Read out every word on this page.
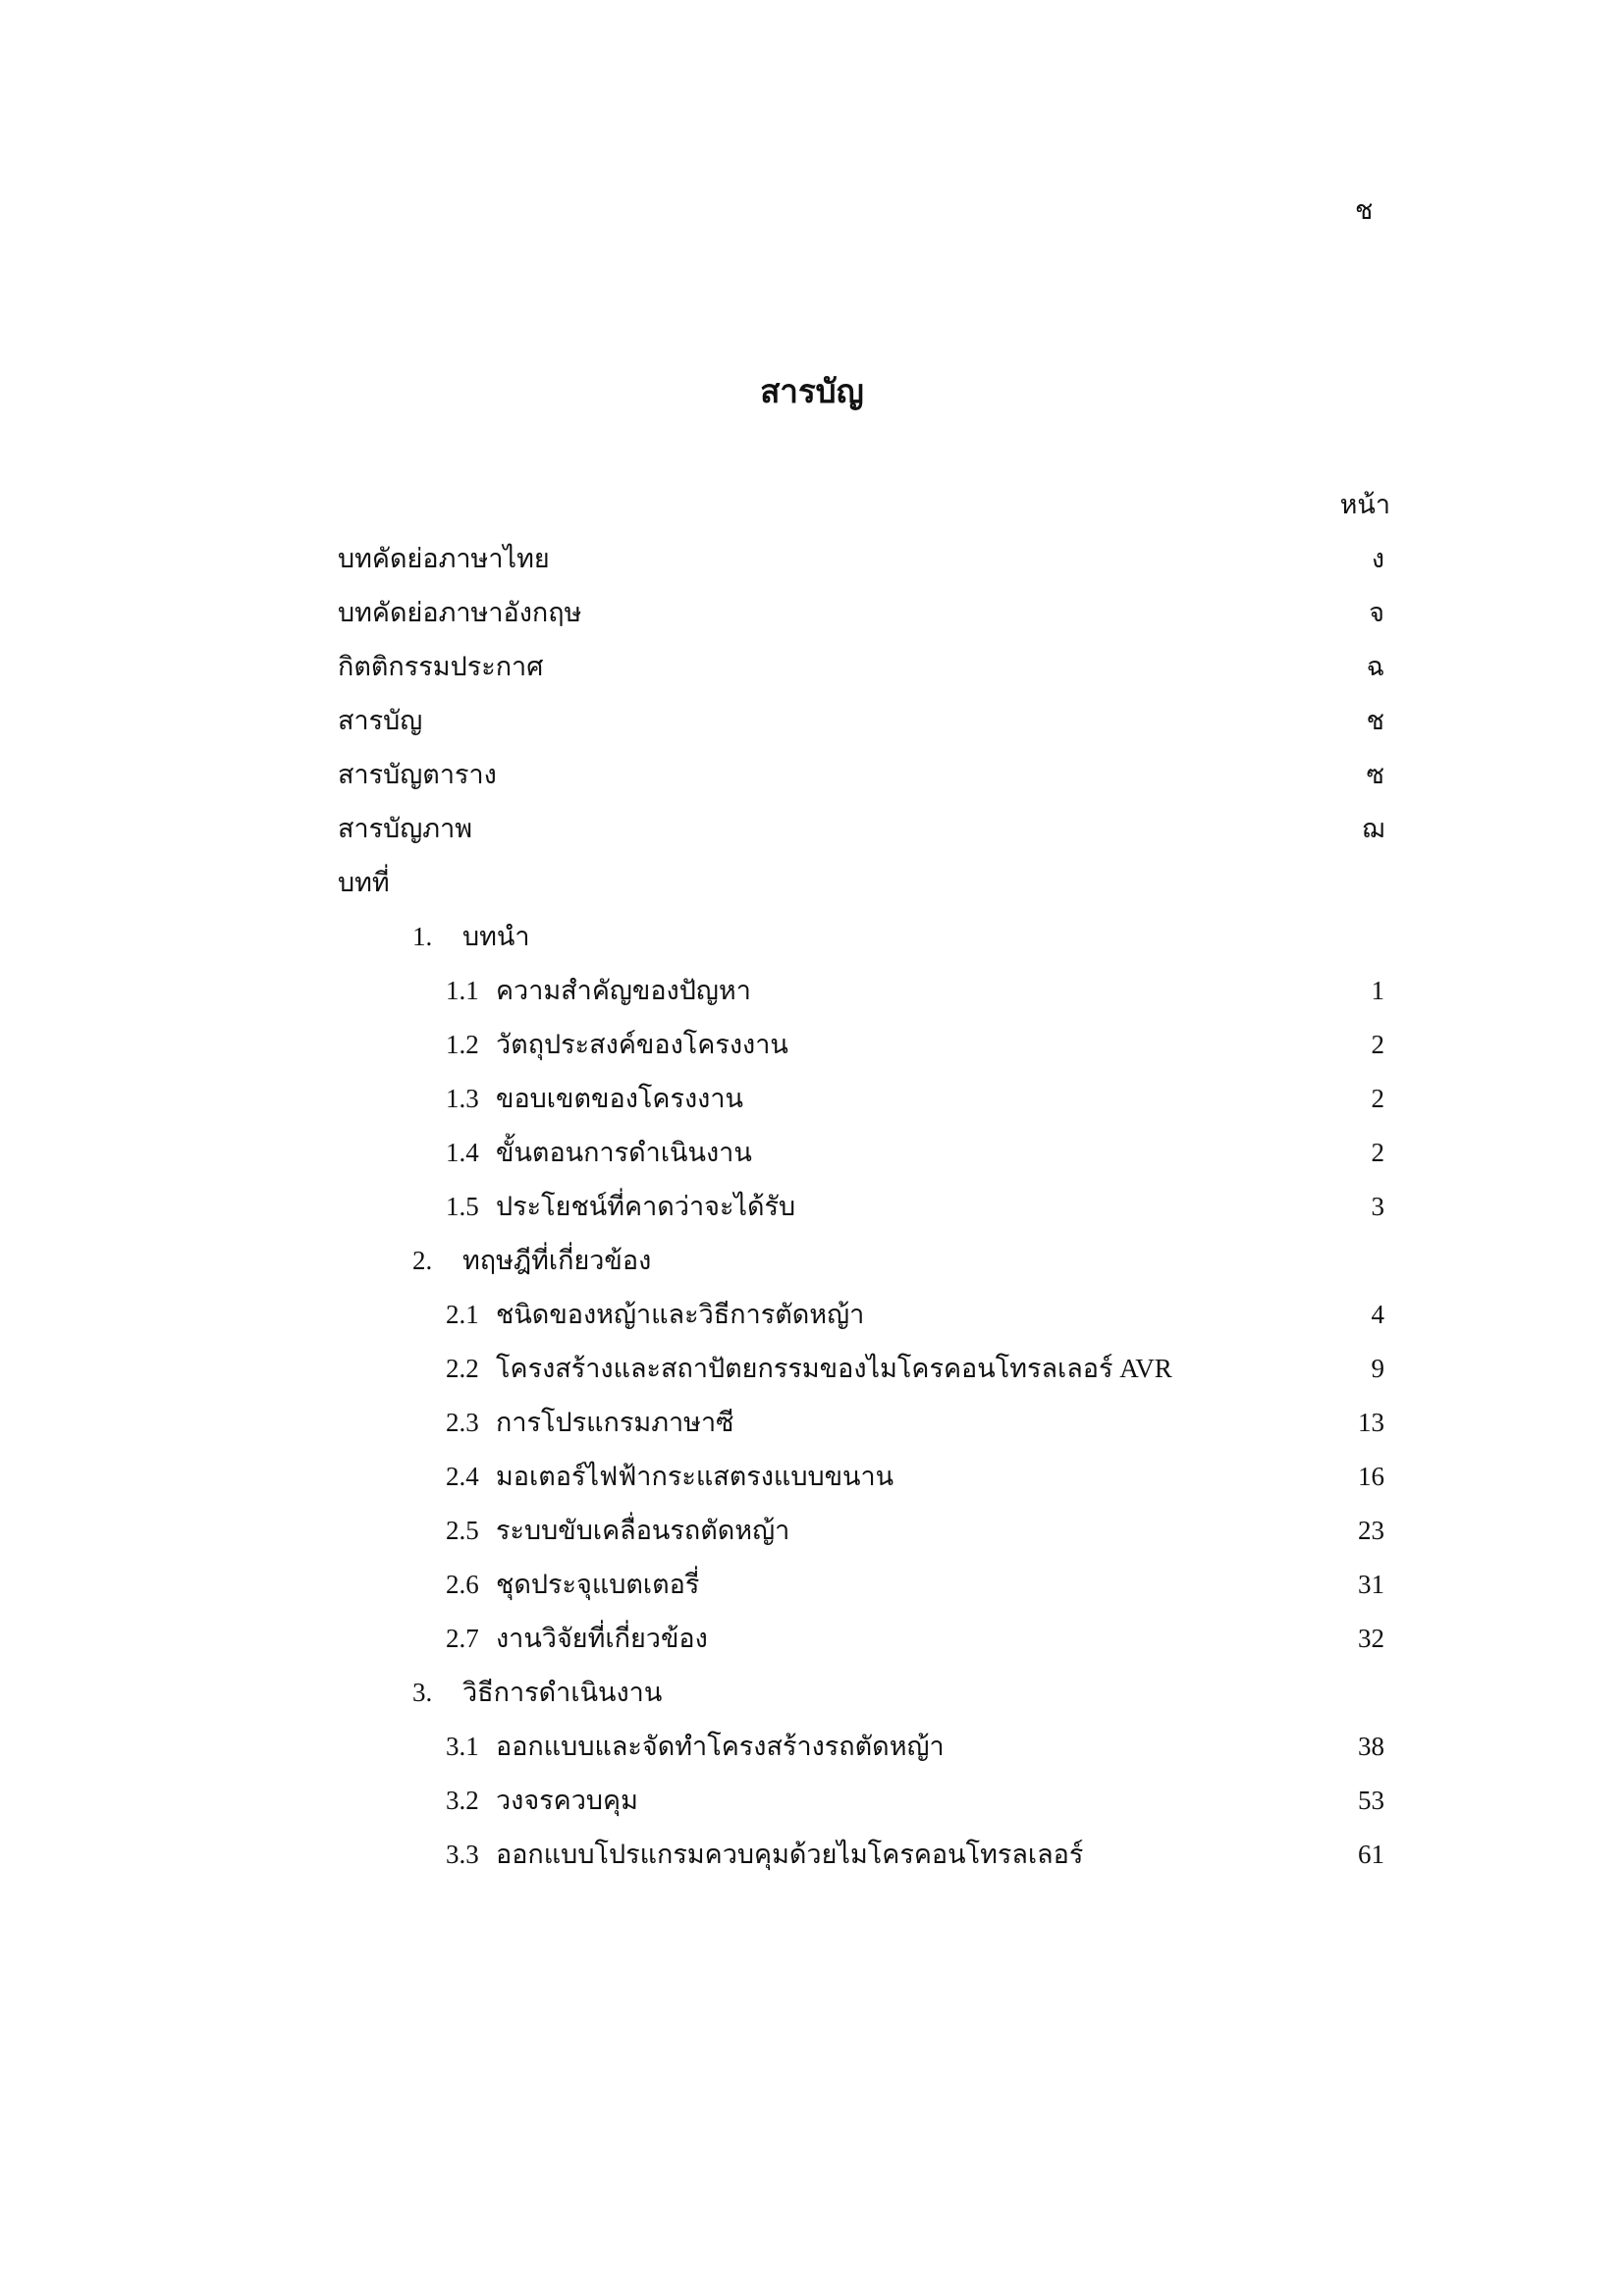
ช
สารบัญ
หน้า
บทคัดย่อภาษาไทย	ง
บทคัดย่อภาษาอังกฤษ	จ
กิตติกรรมประกาศ	ฉ
สารบัญ	ช
สารบัญตาราง	ซ
สารบัญภาพ	ฌ
บทที่
1. บทนำ
1.1 ความสำคัญของปัญหา	1
1.2 วัตถุประสงค์ของโครงงาน	2
1.3 ขอบเขตของโครงงาน	2
1.4 ขั้นตอนการดำเนินงาน	2
1.5 ประโยชน์ที่คาดว่าจะได้รับ	3
2. ทฤษฎีที่เกี่ยวข้อง
2.1 ชนิดของหญ้าและวิธีการตัดหญ้า	4
2.2 โครงสร้างและสถาปัตยกรรมของไมโครคอนโทรลเลอร์ AVR	9
2.3 การโปรแกรมภาษาซี	13
2.4 มอเตอร์ไฟฟ้ากระแสตรงแบบขนาน	16
2.5 ระบบขับเคลื่อนรถตัดหญ้า	23
2.6 ชุดประจุแบตเตอรี่	31
2.7 งานวิจัยที่เกี่ยวข้อง	32
3. วิธีการดำเนินงาน
3.1 ออกแบบและจัดทำโครงสร้างรถตัดหญ้า	38
3.2 วงจรควบคุม	53
3.3 ออกแบบโปรแกรมควบคุมด้วยไมโครคอนโทรลเลอร์	61
